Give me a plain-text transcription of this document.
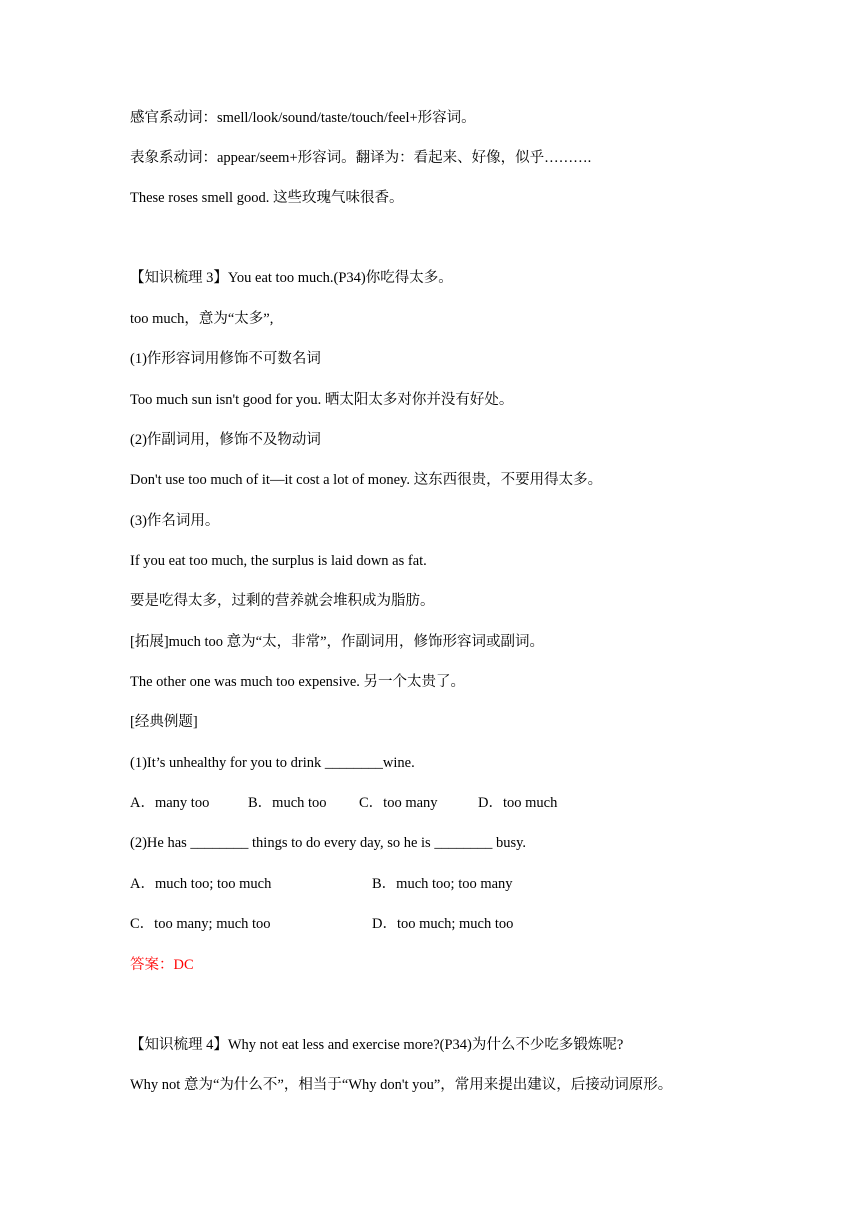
感官系动词：smell/look/sound/taste/touch/feel+形容词。
表象系动词：appear/seem+形容词。翻译为：看起来、好像，似乎……….
These roses smell good. 这些玫瑰气味很香。
【知识梳理 3】You eat too much.(P34)你吃得太多。
too much，意为“太多”,
(1)作形容词用修饰不可数名词
Too much sun isn't good for you. 晒太阳太多对你并没有好处。
(2)作副词用，修饰不及物动词
Don't use too much of it—it cost a lot of money. 这东西很贵，不要用得太多。
(3)作名词用。
If you eat too much, the surplus is laid down as fat.
要是吃得太多，过剩的营养就会堆积成为脂肪。
[拓展]much too 意为“太，非常”，作副词用，修饰形容词或副词。
The other one was much too expensive. 另一个太贵了。
[经典例题]
(1)It’s unhealthy for you to drink ________wine.
A．many too	B．much too C．too many	D．too much
(2)He has ________ things to do every day, so he is ________ busy.
A．much too; too much	B．much too; too many
C．too many; much too	D．too much; much too
答案：DC
【知识梳理 4】Why not eat less and exercise more?(P34)为什么不少吃多锻炼呢?
Why not 意为“为什么不”，相当于“Why don't you”，常用来提出建议，后接动词原形。
